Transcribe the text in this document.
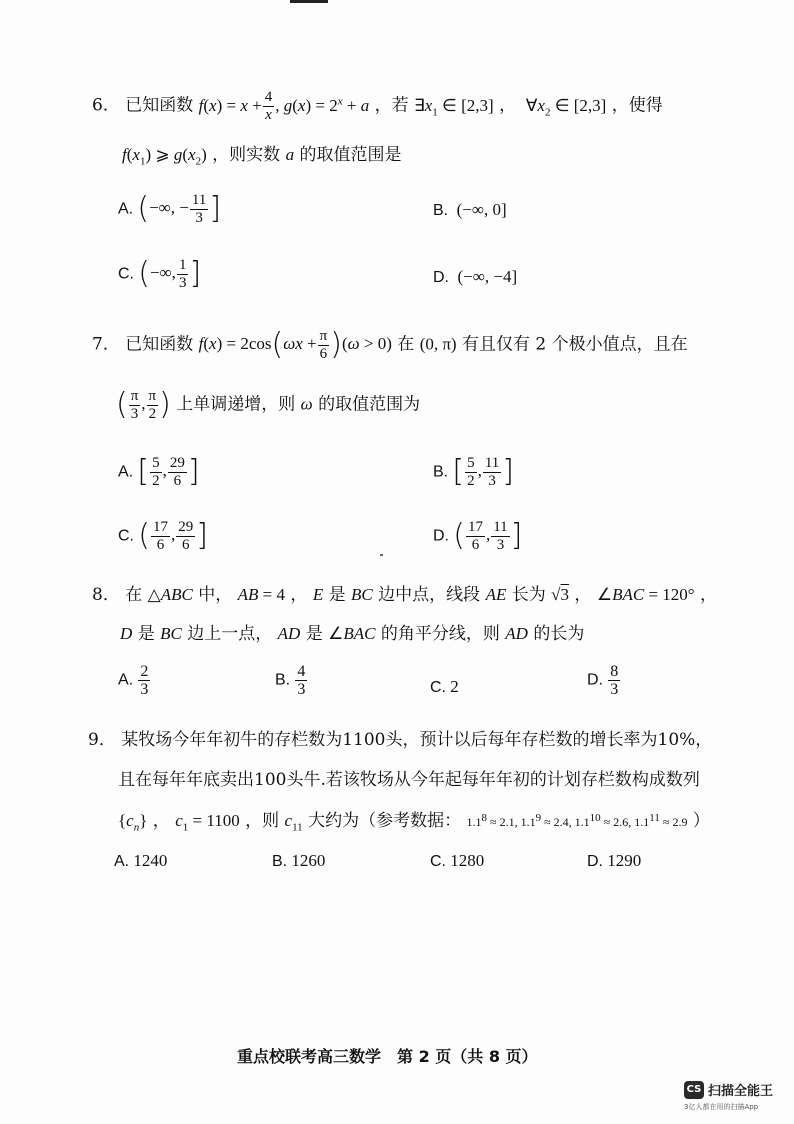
6． 已知函数 $f(x) = x + \frac{4}{x}$ , $g(x) = 2^x + a$ ，若 $\exists x_1$ ∈ [2,3] ，  $\forall x_2$ ∈ [2,3] ，使得
$f(x_1)$ ⩾ $g(x_2)$ ，则实数 a 的取值范围是
A. (−∞, − $\frac{11}{3}$ ]	B.  (−∞, 0]
C. (−∞, $\frac{1}{3}$ ]	D.  (−∞, −4]
7． 已知函数 $f(x) = 2\cos(\omega x + \frac{\pi}{6} )(\omega > 0)$ 在 (0, π) 有且仅有 2 个极小值点，且在
( $\frac{\pi}{3}$ , $\frac{\pi}{2}$ ) 上单调递增，则 ω 的取值范围为
A. [ $\frac{5}{2}$ , $\frac{29}{6}$ ]	B. [ $\frac{5}{2}$ , $\frac{11}{3}$ ]
C. ( $\frac{17}{6}$ , $\frac{29}{6}$ ]	D. ( $\frac{17}{6}$ , $\frac{11}{3}$ ]
8． 在 △ABC 中， AB = 4 ， E 是 BC 边中点，线段 AE 长为 √3 ， ∠BAC = 120° ，
D 是 BC 边上一点， AD 是 ∠BAC 的角平分线，则 AD 的长为
A. $\frac{2}{3}$	B. $\frac{4}{3}$	C. 2	D. $\frac{8}{3}$
9． 某牧场今年年初牛的存栏数为1100头，预计以后每年存栏数的增长率为10%，
且在每年年底卖出100头牛.若该牧场从今年起每年年初的计划存栏数构成数列
$\{c_n\}$ ， $c_1 = 1100$ ，则 $c_{11}$ 大约为（参考数据： $1.1^8 \approx 2.1$, $1.1^9 \approx 2.4$, $1.1^{10} \approx 2.6$, $1.1^{11} \approx 2.9$ ）
A. 1240	B. 1260	C. 1280	D. 1290
重点校联考高三数学　第 2 页（共 8 页）
CS 扫描全能王
3亿人都在用的扫描App
